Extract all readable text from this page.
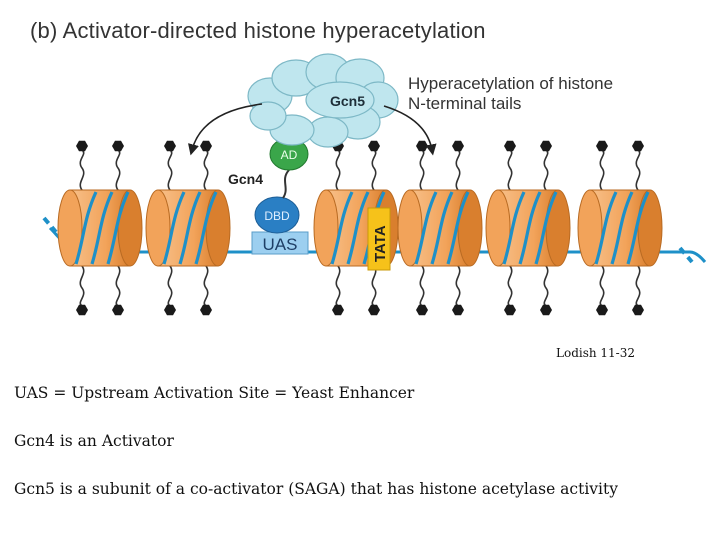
(b) Activator-directed histone hyperacetylation
UAS	TATA
DBD
Gcn4
AD
Gcn5
Hyperacetylation of histone
N-terminal tails
Lodish 11-32
UAS = Upstream Activation Site = Yeast Enhancer
Gcn4 is an Activator
Gcn5 is a subunit of a co-activator (SAGA) that has histone acetylase activity
